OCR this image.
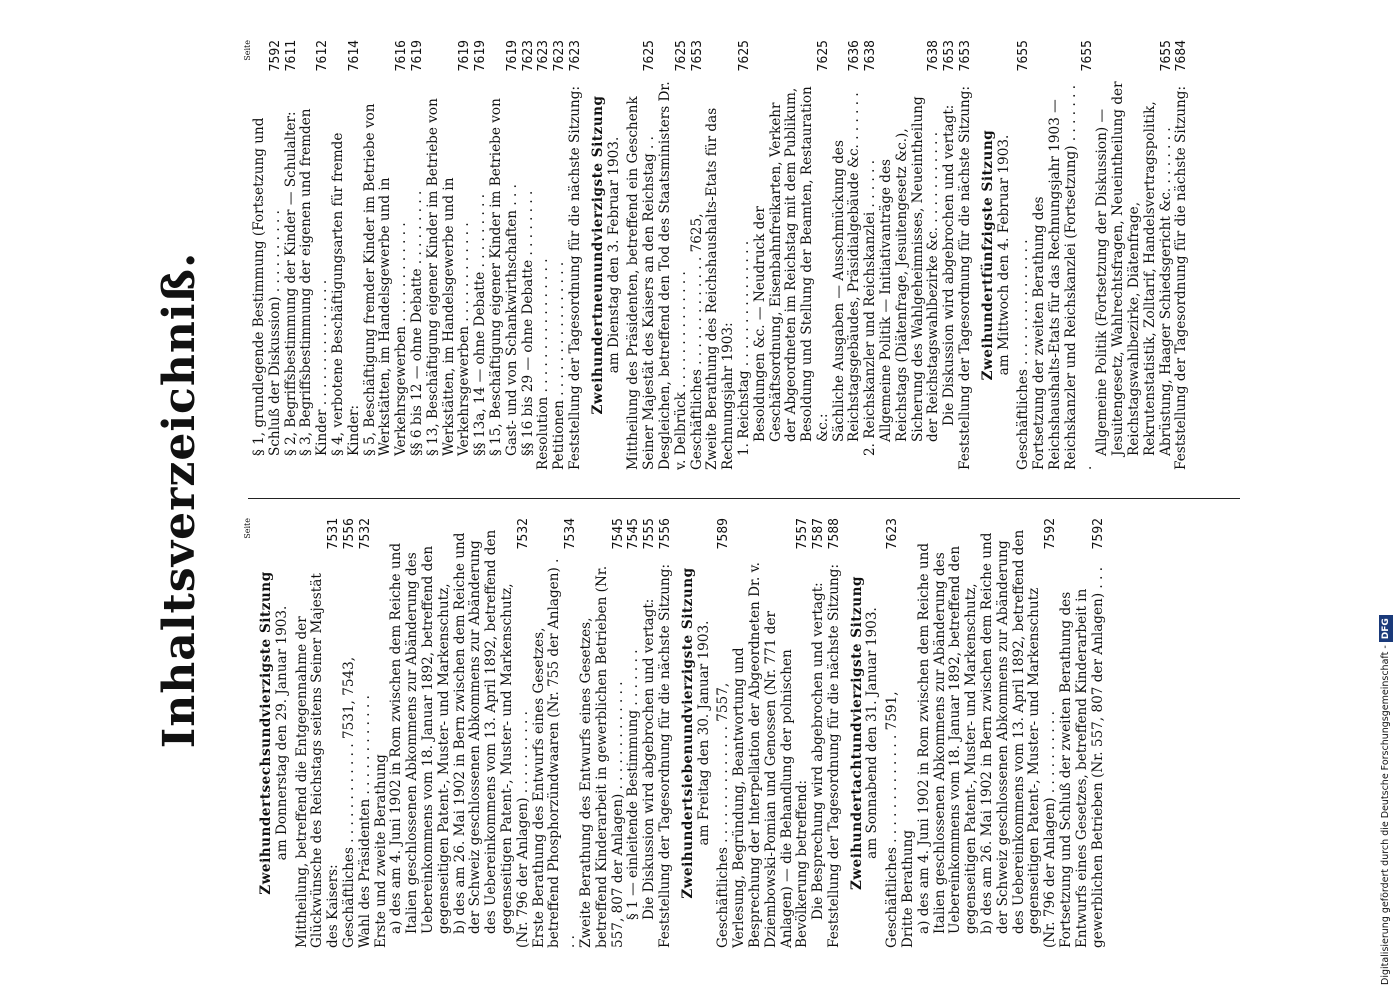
Inhaltsverzeichniß.	Seite
Zweihundertsechsundvierzigste Sitzung am Donnerstag den 29. Januar 1903. Mittheilung, betreffend die Entgegennahme der Glückwünsche des Reichstags seitens Seiner Majestät des Kaisers:
7531
Geschäftliches . . . . . . . . . . . . 7531, 7543,
7556
Wahl des Präsidenten . . . . . . . . . . . .
7532
Erste und zweite Berathung a) des am 4. Juni 1902 in Rom zwischen dem Reiche und Italien geschlossenen Abkommens zur Abänderung des Uebereinkommens vom 18. Januar 1892, betreffend den gegenseitigen Patent-, Muster- und Markenschutz, b) des am 26. Mai 1902 in Bern zwischen dem Reiche und der Schweiz geschlossenen Abkommens zur Abänderung des Uebereinkommens vom 13. April 1892, betreffend den gegenseitigen Patent-, Muster- und Markenschutz, (Nr. 796 der Anlagen) . . . . . . . . . .
7532
Erste Berathung des Entwurfs eines Gesetzes, betreffend Phosphorzündwaaren (Nr. 755 der Anlagen) . . .
7534
Zweite Berathung des Entwurfs eines Gesetzes, betreffend Kinderarbeit in gewerblichen Betrieben (Nr. 557, 807 der Anlagen) . . . . . . . . . . . . .
7545
§ 1 — einleitende Bestimmung . . . . . . .
7545
Die Diskussion wird abgebrochen und vertagt:
7555
Feststellung der Tagesordnung für die nächste Sitzung:
7556
Zweihundertsiebenundvierzigste Sitzung am Freitag den 30. Januar 1903. Geschäftliches . . . . . . . . . . . . . . 7557,
7589
Verlesung, Begründung, Beantwortung und Besprechung der Interpellation der Abgeordneten Dr. v. Dziembowski-Pomian und Genossen (Nr. 771 der Anlagen) — die Behandlung der polnischen Bevölkerung betreffend:
7557
Die Besprechung wird abgebrochen und vertagt:
7587
Feststellung der Tagesordnung für die nächste Sitzung:
7588
Zweihundertachtundvierzigste Sitzung am Sonnabend den 31. Januar 1903. Geschäftliches . . . . . . . . . . . . . 7591,
7623
Dritte Berathung a) des am 4. Juni 1902 in Rom zwischen dem Reiche und Italien geschlossenen Abkommens zur Abänderung des Uebereinkommens vom 18. Januar 1892, betreffend den gegenseitigen Patent-, Muster- und Markenschutz, b) des am 26. Mai 1902 in Bern zwischen dem Reiche und der Schweiz geschlossenen Abkommens zur Abänderung des Uebereinkommens vom 13. April 1892, betreffend den gegenseitigen Patent-, Muster- und Markenschutz (Nr. 796 der Anlagen) . . . . . . . . . .
7592
Fortsetzung und Schluß der zweiten Berathung des Entwurfs eines Gesetzes, betreffend Kinderarbeit in gewerblichen Betrieben (Nr. 557, 807 der Anlagen) . . .
7592
Seite
§ 1, grundlegende Bestimmung (Fortsetzung und Schluß der Diskussion) . . . . . . . . . .
7592
§ 2, Begriffsbestimmung der Kinder — Schulalter:
7611
§ 3, Begriffsbestimmung der eigenen und fremden Kinder . . . . . . . . . . . . . . .
7612
§ 4, verbotene Beschäftigungsarten für fremde Kinder:
7614
§ 5, Beschäftigung fremder Kinder im Betriebe von Werkstätten, im Handelsgewerbe und in Verkehrsgewerben . . . . . . . . . . . .
7616
§§ 6 bis 12 — ohne Debatte . . . . . . . . .
7619
§ 13, Beschäftigung eigener Kinder im Betriebe von Werkstätten, im Handelsgewerbe und in Verkehrsgewerben . . . . . . . . . . . .
7619
§§ 13a, 14 — ohne Debatte . . . . . . . . .
7619
§ 15, Beschäftigung eigener Kinder im Betriebe von Gast- und von Schankwirthschaften . . .
7619
§§ 16 bis 29 — ohne Debatte . . . . . . . .
7623
Resolution . . . . . . . . . . . . . . . .
7623
Petitionen . . . . . . . . . . . . . . . .
7623
Feststellung der Tagesordnung für die nächste Sitzung:
7623
Zweihundertneunundvierzigste Sitzung am Dienstag den 3. Februar 1903. Mittheilung des Präsidenten, betreffend ein Geschenk Seiner Majestät des Kaisers an den Reichstag . .
7625
Desgleichen, betreffend den Tod des Staatsministers Dr. v. Delbrück . . . . . . . . . . . . . .
7625
Geschäftliches . . . . . . . . . . . . . 7625,
7653
Zweite Berathung des Reichshaushalts-Etats für das Rechnungsjahr 1903: 1. Reichstag . . . . . . . . . . . . . . .
7625
Besoldungen &c. — Neudruck der Geschäftsordnung, Eisenbahnfreikarten, Verkehr der Abgeordneten im Reichstag mit dem Publikum, Besoldung und Stellung der Beamten, Restauration &c.:
7625
Sächliche Ausgaben — Ausschmückung des Reichstagsgebäudes, Präsidialgebäude &c. . . . . . .
7636
2. Reichskanzler und Reichskanzlei . . . . . .
7638
Allgemeine Politik — Initiativanträge des Reichstags (Diätenfrage, Jesuitengesetz &c.), Sicherung des Wahlgeheimnisses, Neueintheilung der Reichstagswahlbezirke &c. . . . . . . . . . . .
7638
Die Diskussion wird abgebrochen und vertagt:
7653
Feststellung der Tagesordnung für die nächste Sitzung:
7653
Zweihundertfünfzigste Sitzung am Mittwoch den 4. Februar 1903. Geschäftliches . . . . . . . . . . . . . . .
7655
Fortsetzung der zweiten Berathung des Reichshaushalts-Etats für das Rechnungsjahr 1903 — Reichskanzler und Reichskanzlei (Fortsetzung) . . . . . . . .
7655
Allgemeine Politik (Fortsetzung der Diskussion) — Jesuitengesetz, Wahlrechtsfragen, Neueintheilung der Reichstagswahlbezirke, Diätenfrage, Rekrutenstatistik, Zolltarif, Handelsvertragspolitik, Abrüstung, Haager Schiedsgericht &c. . . . . . . .
7655
Feststellung der Tagesordnung für die nächste Sitzung:
7684
Digitalisierung gefördert durch die Deutsche Forschungsgemeinschaft -DFG
